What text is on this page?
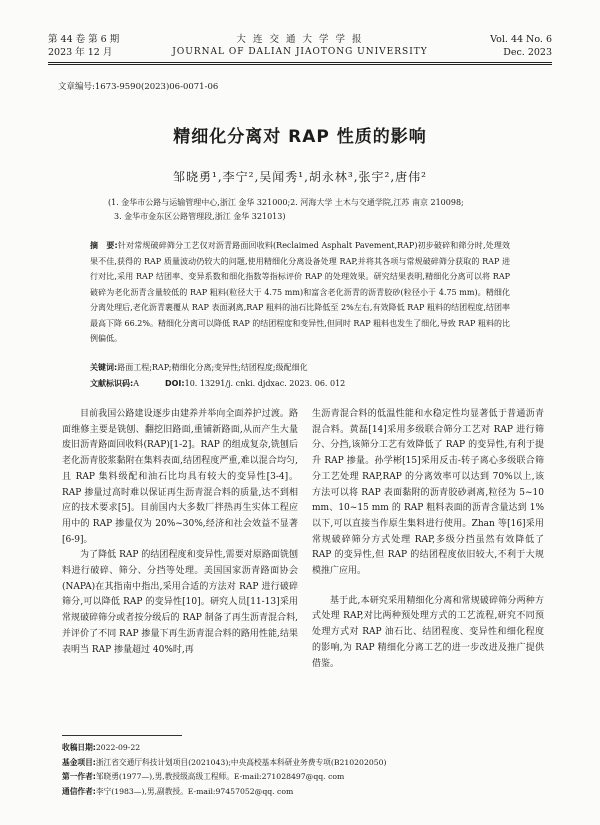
第 44 卷 第 6 期
2023 年 12 月
大 连 交 通 大 学 学 报
JOURNAL OF DALIAN JIAOTONG UNIVERSITY
Vol. 44 No. 6
Dec. 2023
文章编号:1673-9590(2023)06-0071-06
精细化分离对 RAP 性质的影响
邹晓勇¹,李宁²,吴闻秀¹,胡永林³,张宇²,唐伟²
(1. 金华市公路与运输管理中心,浙江 金华 321000;2. 河海大学 土木与交通学院,江苏 南京 210098;
3. 金华市金东区公路管理段,浙江 金华 321013)
摘　要:针对常规破碎筛分工艺仅对沥青路面回收料(Reclaimed Asphalt Pavement,RAP)初步破碎和筛分时,处理效果不佳,获得的 RAP 质量波动仍较大的问题,使用精细化分离设备处理 RAP,并将其各项与常规破碎筛分获取的 RAP 进行对比,采用 RAP 结团率、变异系数和细化指数等指标评价 RAP 的处理效果。研究结果表明,精细化分离可以将 RAP 破碎为老化沥青含量较低的 RAP 粗料(粒径大于 4.75 mm)和富含老化沥青的沥青胶砂(粒径小于 4.75 mm)。精细化分离处理后,老化沥青裹覆从 RAP 表面剥离,RAP 粗料的油石比降低至 2%左右,有效降低 RAP 粗料的结团程度,结团率最高下降 66.2%。精细化分离可以降低 RAP 的结团程度和变异性,但同时 RAP 粗料也发生了细化,导致 RAP 粗料的比例偏低。
关键词:路面工程;RAP;精细化分离;变异性;结团程度;级配细化
文献标识码:A	DOI:10. 13291/j. cnki. djdxac. 2023. 06. 012

目前我国公路建设逐步由建养并举向全面养护过渡。路面维修主要是铣刨、翻挖旧路面,重铺新路面,从而产生大量废旧沥青路面回收料(RAP)[1-2]。RAP 的组成复杂,铣刨后老化沥青胶浆黏附在集料表面,结团程度严重,难以混合均匀,且 RAP 集料级配和油石比均具有较大的变异性[3-4]。RAP 掺量过高时难以保证再生沥青混合料的质量,达不到相应的技术要求[5]。目前国内大多数厂拌热再生实体工程应用中的 RAP 掺量仅为 20%~30%,经济和社会效益不显著[6-9]。

为了降低 RAP 的结团程度和变异性,需要对原路面铣刨料进行破碎、筛分、分挡等处理。美国国家沥青路面协会(NAPA)在其指南中指出,采用合适的方法对 RAP 进行破碎筛分,可以降低 RAP 的变异性[10]。研究人员[11-13]采用常规破碎筛分或者按分级后的 RAP 制备了再生沥青混合料,并评价了不同 RAP 掺量下再生沥青混合料的路用性能,结果表明当 RAP 掺量超过 40%时,再

生沥青混合料的低温性能和水稳定性均显著低于普通沥青混合料。黄磊[14]采用多级联合筛分工艺对 RAP 进行筛分、分挡,该筛分工艺有效降低了 RAP 的变异性,有利于提升 RAP 掺量。孙学彬[15]采用反击-转子离心多级联合筛分工艺处理 RAP,RAP 的分离效率可以达到 70%以上,该方法可以将 RAP 表面黏附的沥青胶砂剥离,粒径为 5~10 mm、10~15 mm 的 RAP 粗料表面的沥青含量达到 1%以下,可以直接当作原生集料进行使用。Zhan 等[16]采用常规破碎筛分方式处理 RAP,多级分挡虽然有效降低了 RAP 的变异性,但 RAP 的结团程度依旧较大,不利于大规模推广应用。

基于此,本研究采用精细化分离和常规破碎筛分两种方式处理 RAP,对比两种预处理方式的工艺流程,研究不同预处理方式对 RAP 油石比、结团程度、变异性和细化程度的影响,为 RAP 精细化分离工艺的进一步改进及推广提供借鉴。

收稿日期:2022-09-22
基金项目:浙江省交通厅科技计划项目(2021043);中央高校基本科研业务费专项(B210202050)
第一作者:邹晓勇(1977—),男,教授级高级工程师。E-mail:271028497@qq. com
通信作者:李宁(1983—),男,副教授。E-mail:97457052@qq. com
